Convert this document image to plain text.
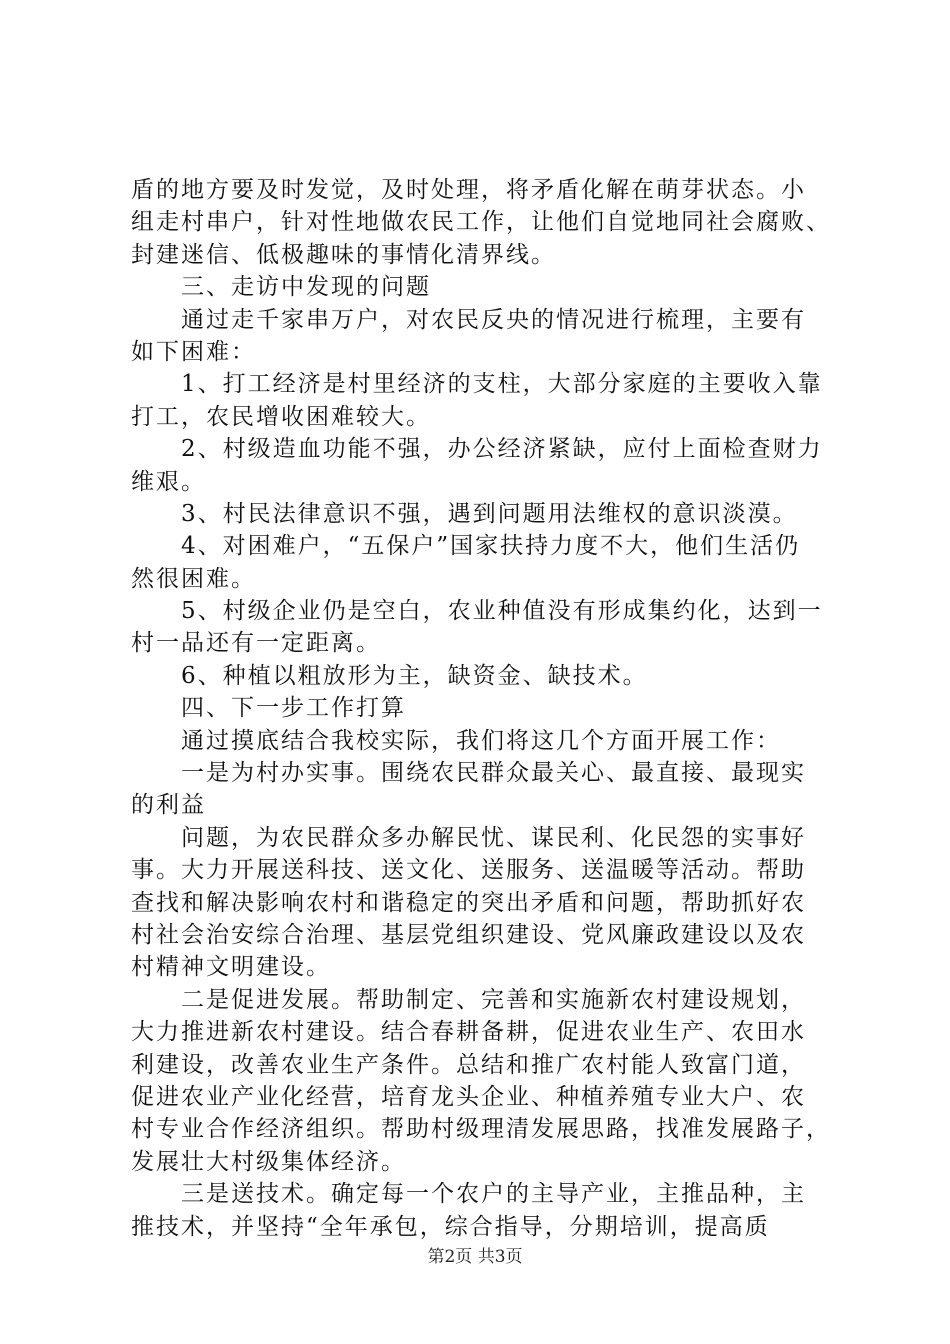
盾的地方要及时发觉，及时处理，将矛盾化解在萌芽状态。小
组走村串户，针对性地做农民工作，让他们自觉地同社会腐败、
封建迷信、低极趣味的事情化清界线。
三、走访中发现的问题
通过走千家串万户，对农民反央的情况进行梳理，主要有
如下困难：
1、打工经济是村里经济的支柱，大部分家庭的主要收入靠
打工，农民增收困难较大。
2、村级造血功能不强，办公经济紧缺，应付上面检查财力
维艰。
3、村民法律意识不强，遇到问题用法维权的意识淡漠。
4、对困难户，“五保户”国家扶持力度不大，他们生活仍
然很困难。
5、村级企业仍是空白，农业种值没有形成集约化，达到一
村一品还有一定距离。
6、种植以粗放形为主，缺资金、缺技术。
四、下一步工作打算
通过摸底结合我校实际，我们将这几个方面开展工作：
一是为村办实事。围绕农民群众最关心、最直接、最现实
的利益
问题，为农民群众多办解民忧、谋民利、化民怨的实事好
事。大力开展送科技、送文化、送服务、送温暖等活动。帮助
查找和解决影响农村和谐稳定的突出矛盾和问题，帮助抓好农
村社会治安综合治理、基层党组织建设、党风廉政建设以及农
村精神文明建设。
二是促进发展。帮助制定、完善和实施新农村建设规划，
大力推进新农村建设。结合春耕备耕，促进农业生产、农田水
利建设，改善农业生产条件。总结和推广农村能人致富门道，
促进农业产业化经营，培育龙头企业、种植养殖专业大户、农
村专业合作经济组织。帮助村级理清发展思路，找准发展路子，
发展壮大村级集体经济。
三是送技术。确定每一个农户的主导产业，主推品种，主
推技术，并坚持“全年承包，综合指导，分期培训，提高质
第2页 共3页
